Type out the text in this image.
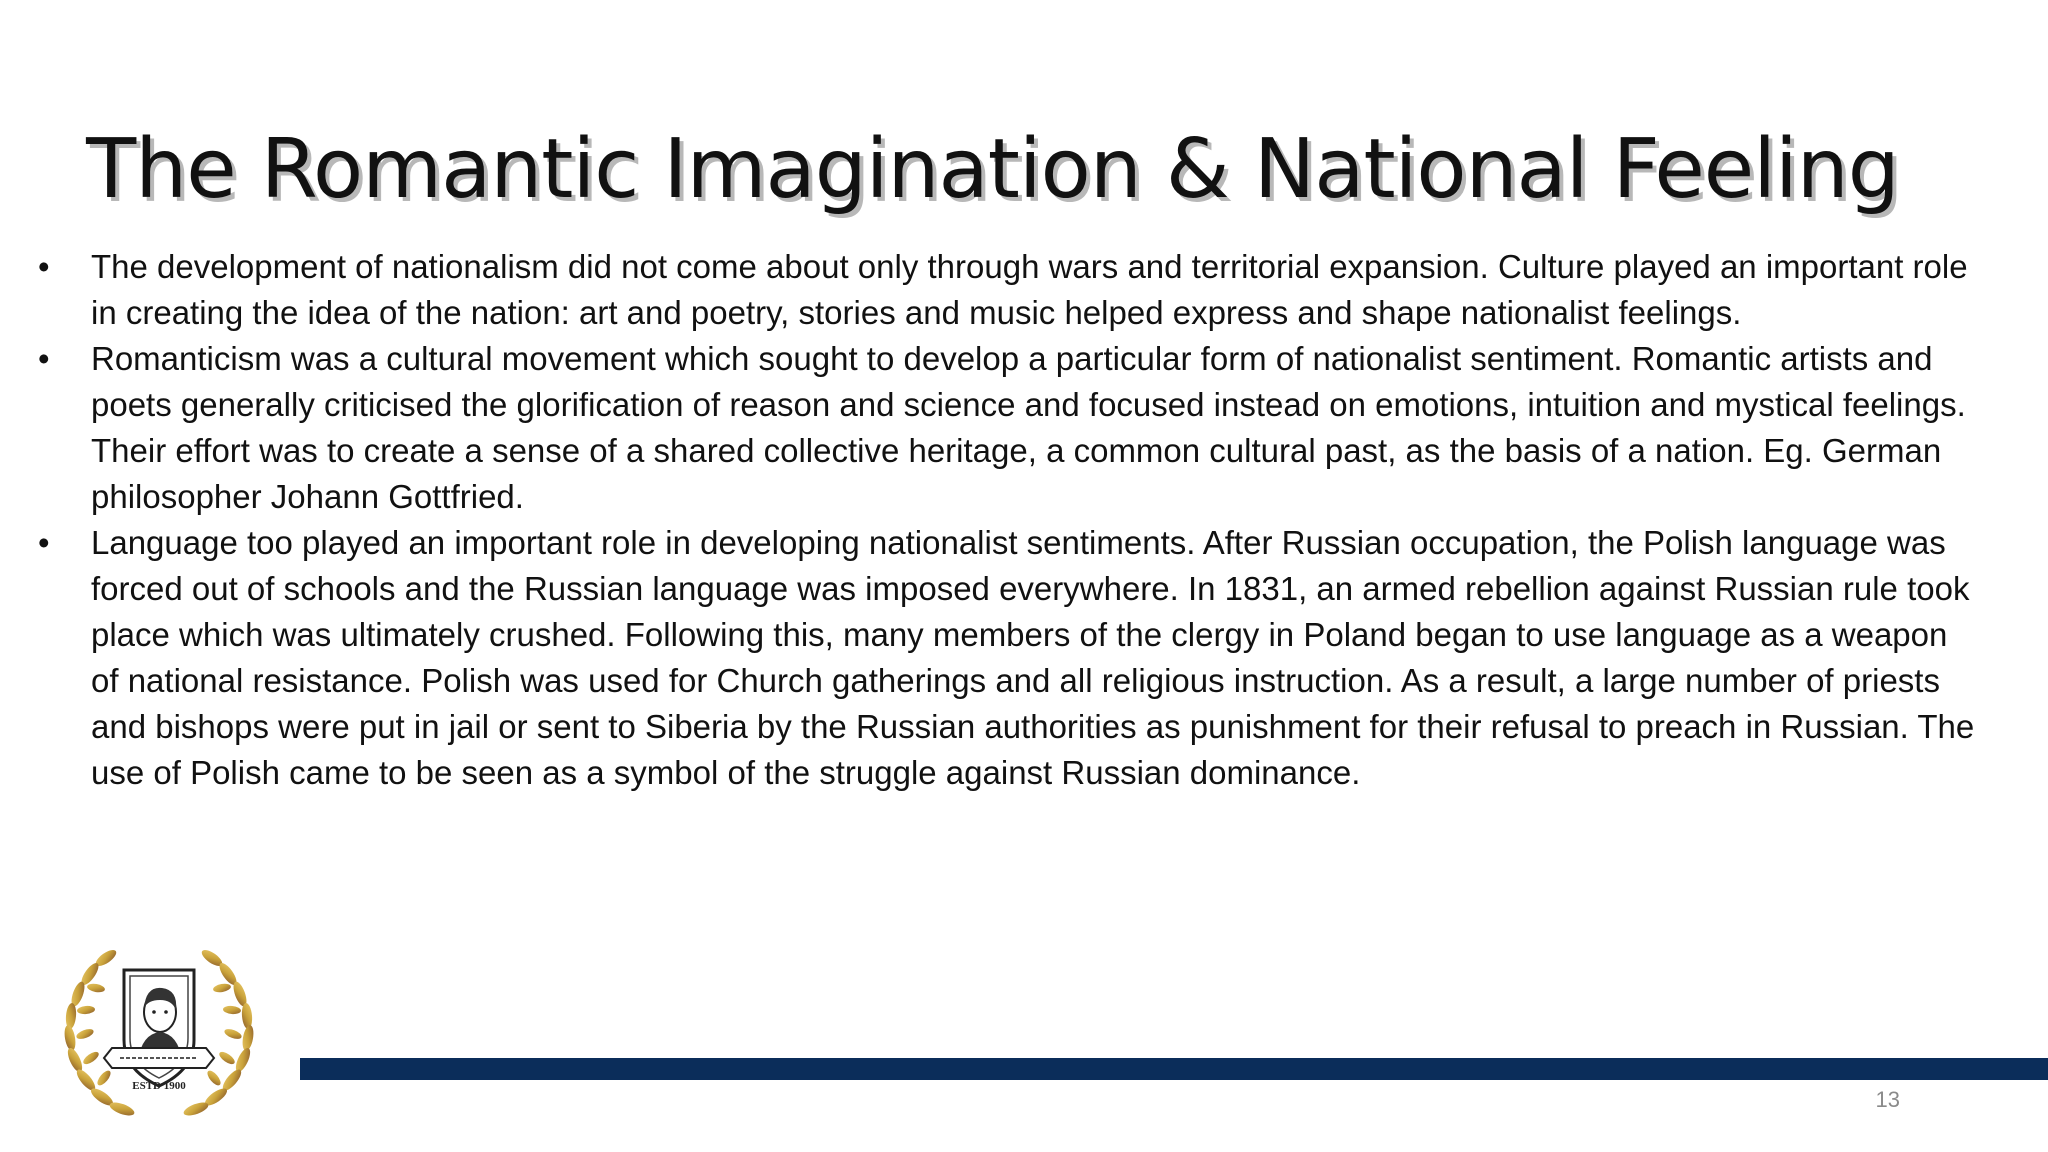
The Romantic Imagination & National Feeling
•	The development of nationalism did not come about only through wars and territorial expansion. Culture played an important role in creating the idea of the nation: art and poetry, stories and music helped express and shape nationalist feelings.
•	Romanticism was a cultural movement which sought to develop a particular form of nationalist sentiment. Romantic artists and poets generally criticised the glorification of reason and science and focused instead on emotions, intuition and mystical feelings. Their effort was to create a sense of a shared collective heritage, a common cultural past, as the basis of a nation. Eg. German philosopher Johann Gottfried.
•	Language too played an important role in developing nationalist sentiments. After Russian occupation, the Polish language was forced out of schools and the Russian language was imposed everywhere. In 1831, an armed rebellion against Russian rule took place which was ultimately crushed. Following this, many members of the clergy in Poland began to use language as a weapon of national resistance. Polish was used for Church gatherings and all religious instruction. As a result, a large number of priests and bishops were put in jail or sent to Siberia by the Russian authorities as punishment for their refusal to preach in Russian. The use of Polish came to be seen as a symbol of the struggle against Russian dominance.
ESTD 1900
13
